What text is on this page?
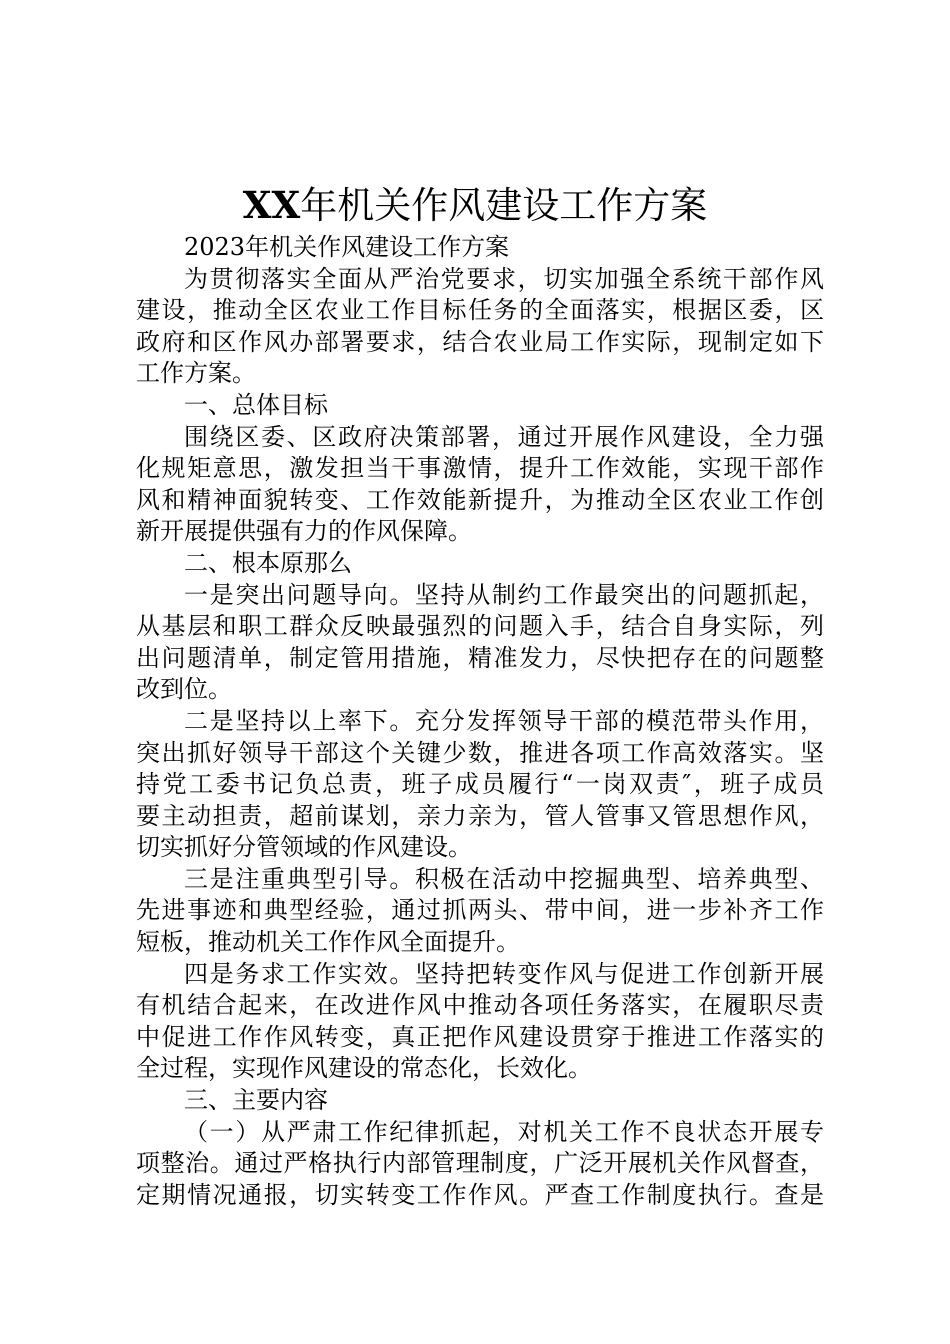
XX年机关作风建设工作方案
2023年机关作风建设工作方案
为贯彻落实全面从严治党要求，切实加强全系统干部作风
建设，推动全区农业工作目标任务的全面落实，根据区委，区
政府和区作风办部署要求，结合农业局工作实际，现制定如下
工作方案。
一、总体目标
围绕区委、区政府决策部署，通过开展作风建设，全力强
化规矩意思，激发担当干事激情，提升工作效能，实现干部作
风和精神面貌转变、工作效能新提升，为推动全区农业工作创
新开展提供强有力的作风保障。
二、根本原那么
一是突出问题导向。坚持从制约工作最突出的问题抓起，
从基层和职工群众反映最强烈的问题入手，结合自身实际，列
出问题清单，制定管用措施，精准发力，尽快把存在的问题整
改到位。
二是坚持以上率下。充分发挥领导干部的模范带头作用，
突出抓好领导干部这个关键少数，推进各项工作高效落实。坚
持党工委书记负总责，班子成员履行“一岗双责″，班子成员
要主动担责，超前谋划，亲力亲为，管人管事又管思想作风，
切实抓好分管领域的作风建设。
三是注重典型引导。积极在活动中挖掘典型、培养典型、
先进事迹和典型经验，通过抓两头、带中间，进一步补齐工作
短板，推动机关工作作风全面提升。
四是务求工作实效。坚持把转变作风与促进工作创新开展
有机结合起来，在改进作风中推动各项任务落实，在履职尽责
中促进工作作风转变，真正把作风建设贯穿于推进工作落实的
全过程，实现作风建设的常态化，长效化。
三、主要内容
（一）从严肃工作纪律抓起，对机关工作不良状态开展专
项整治。通过严格执行内部管理制度，广泛开展机关作风督查，
定期情况通报，切实转变工作作风。严查工作制度执行。查是
